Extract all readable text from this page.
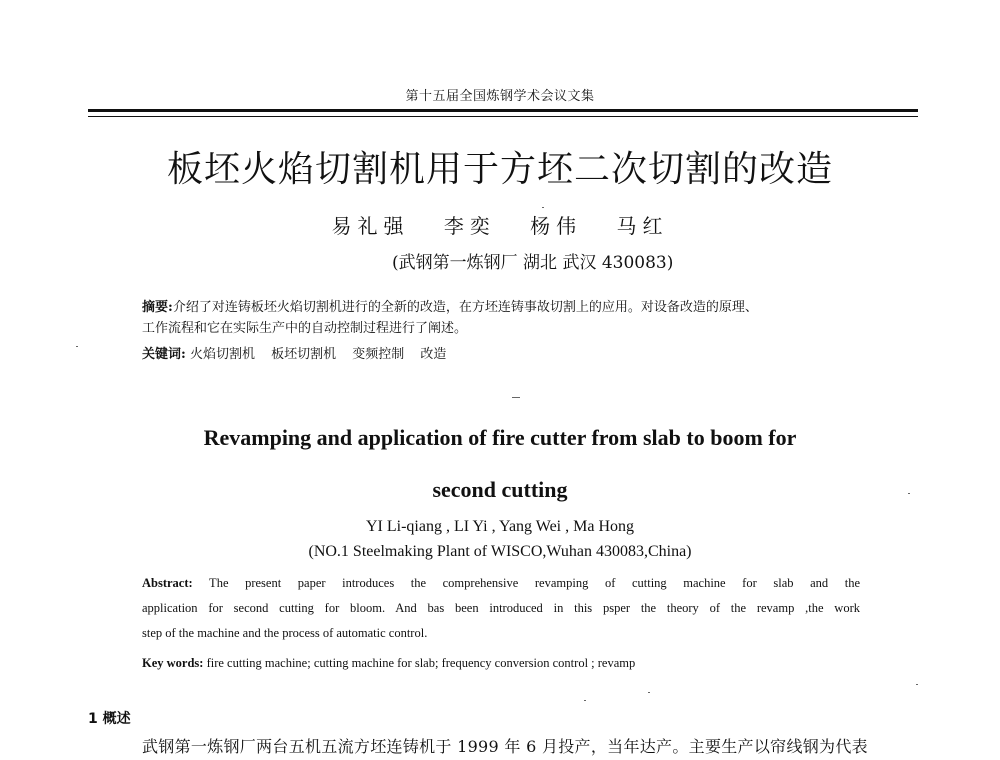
第十五届全国炼钢学术会议文集
板坯火焰切割机用于方坯二次切割的改造
易礼强 李奕 杨伟 马红
(武钢第一炼钢厂 湖北 武汉 430083)
摘要:介绍了对连铸板坯火焰切割机进行的全新的改造，在方坯连铸事故切割上的应用。对设备改造的原理、
工作流程和它在实际生产中的自动控制过程进行了阐述。
关键词: 火焰切割机 板坯切割机 变频控制 改造
Revamping and application of fire cutter from slab to boom for
second cutting
YI Li-qiang , LI Yi , Yang Wei , Ma Hong
(NO.1 Steelmaking Plant of WISCO,Wuhan 430083,China)
Abstract: The present paper introduces the comprehensive revamping of cutting machine for slab and the
application for second cutting for bloom. And bas been introduced in this psper the theory of the revamp ,the work
step of the machine and the process of automatic control.
Key words: fire cutting machine; cutting machine for slab; frequency conversion control ; revamp
1 概述
武钢第一炼钢厂两台五机五流方坯连铸机于 1999 年 6 月投产，当年达产。主要生产以帘线钢为代表
